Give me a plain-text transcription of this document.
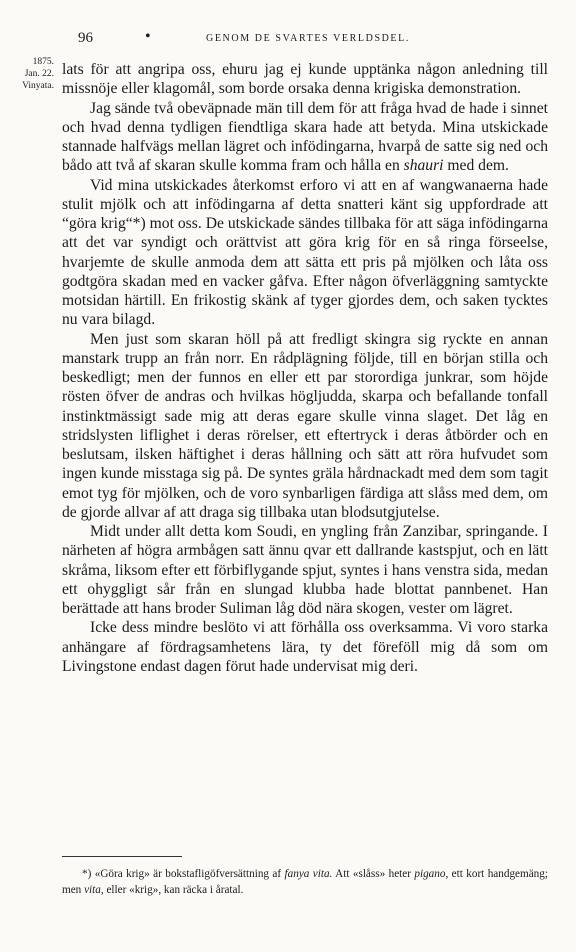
96	•	GENOM DE SVARTES VERLDSDEL.
1875.
Jan. 22.
Vinyata.

lats för att angripa oss, ehuru jag ej kunde upptänka någon anledning till missnöje eller klagomål, som borde orsaka denna krigiska demonstration.

Jag sände två obeväpnade män till dem för att fråga hvad de hade i sinnet och hvad denna tydligen fiendtliga skara hade att betyda. Mina utskickade stannade halfvägs mellan lägret och infödingarna, hvarpå de satte sig ned och bådo att två af skaran skulle komma fram och hålla en shauri med dem.

Vid mina utskickades återkomst erforo vi att en af wangwanaerna hade stulit mjölk och att infödingarna af detta snatteri känt sig uppfordrade att “göra krig“*) mot oss. De utskickade sändes tillbaka för att säga infödingarna att det var syndigt och orättvist att göra krig för en så ringa förseelse, hvarjemte de skulle anmoda dem att sätta ett pris på mjölken och låta oss godtgöra skadan med en vacker gåfva. Efter någon öfverläggning samtyckte motsidan härtill. En frikostig skänk af tyger gjordes dem, och saken tycktes nu vara bilagd.

Men just som skaran höll på att fredligt skingra sig ryckte en annan manstark trupp an från norr. En rådplägning följde, till en början stilla och beskedligt; men der funnos en eller ett par storordiga junkrar, som höjde rösten öfver de andras och hvilkas högljudda, skarpa och befallande tonfall instinktmässigt sade mig att deras egare skulle vinna slaget. Det låg en stridslysten liflighet i deras rörelser, ett eftertryck i deras åtbörder och en beslutsam, ilsken häftighet i deras hållning och sätt att röra hufvudet som ingen kunde misstaga sig på. De syntes gräla hårdnackadt med dem som tagit emot tyg för mjölken, och de voro synbarligen färdiga att slåss med dem, om de gjorde allvar af att draga sig tillbaka utan blodsutgjutelse.

Midt under allt detta kom Soudi, en yngling från Zanzibar, springande. I närheten af högra armbågen satt ännu qvar ett dallrande kastspjut, och en lätt skråma, liksom efter ett förbiflygande spjut, syntes i hans venstra sida, medan ett ohyggligt sår från en slungad klubba hade blottat pannbenet. Han berättade att hans broder Suliman låg död nära skogen, vester om lägret.

Icke dess mindre beslöto vi att förhålla oss overksamma. Vi voro starka anhängare af fördragsamhetens lära, ty det föreföll mig då som om Livingstone endast dagen förut hade undervisat mig deri.

*) «Göra krig» är bokstafligöfversättning af fanya vita. Att «slåss» heter pigano, ett kort handgemäng; men vita, eller «krig», kan räcka i åratal.
